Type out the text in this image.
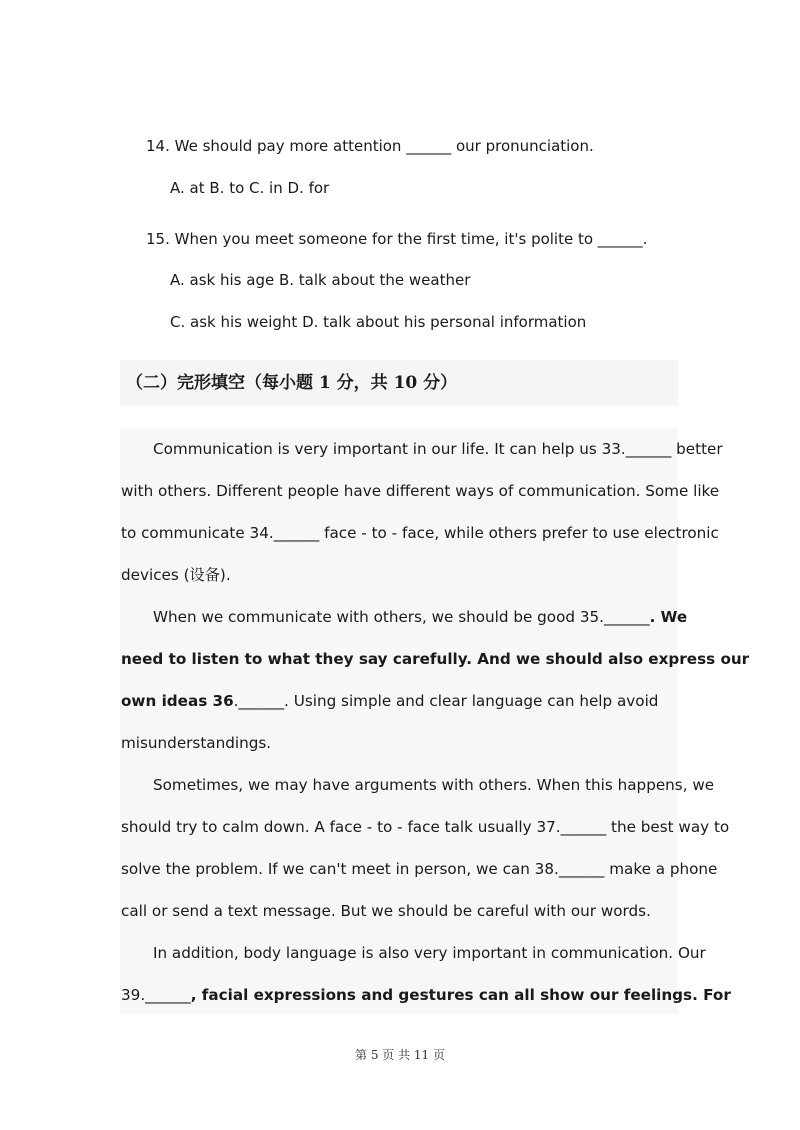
14. We should pay more attention ______ our pronunciation.
A. at B. to C. in D. for
15. When you meet someone for the first time, it's polite to ______.
A. ask his age B. talk about the weather
C. ask his weight D. talk about his personal information
（二）完形填空（每小题 1 分，共 10 分）
Communication is very important in our life. It can help us 33.______ better
with others. Different people have different ways of communication. Some like
to communicate 34.______ face - to - face, while others prefer to use electronic
devices (设备).
When we communicate with others, we should be good 35.______. We
need to listen to what they say carefully. And we should also express our
own ideas 36.______. Using simple and clear language can help avoid
misunderstandings.
Sometimes, we may have arguments with others. When this happens, we
should try to calm down. A face - to - face talk usually 37.______ the best way to
solve the problem. If we can't meet in person, we can 38.______ make a phone
call or send a text message. But we should be careful with our words.
In addition, body language is also very important in communication. Our
39.______, facial expressions and gestures can all show our feelings. For
第 5 页 共 11 页
